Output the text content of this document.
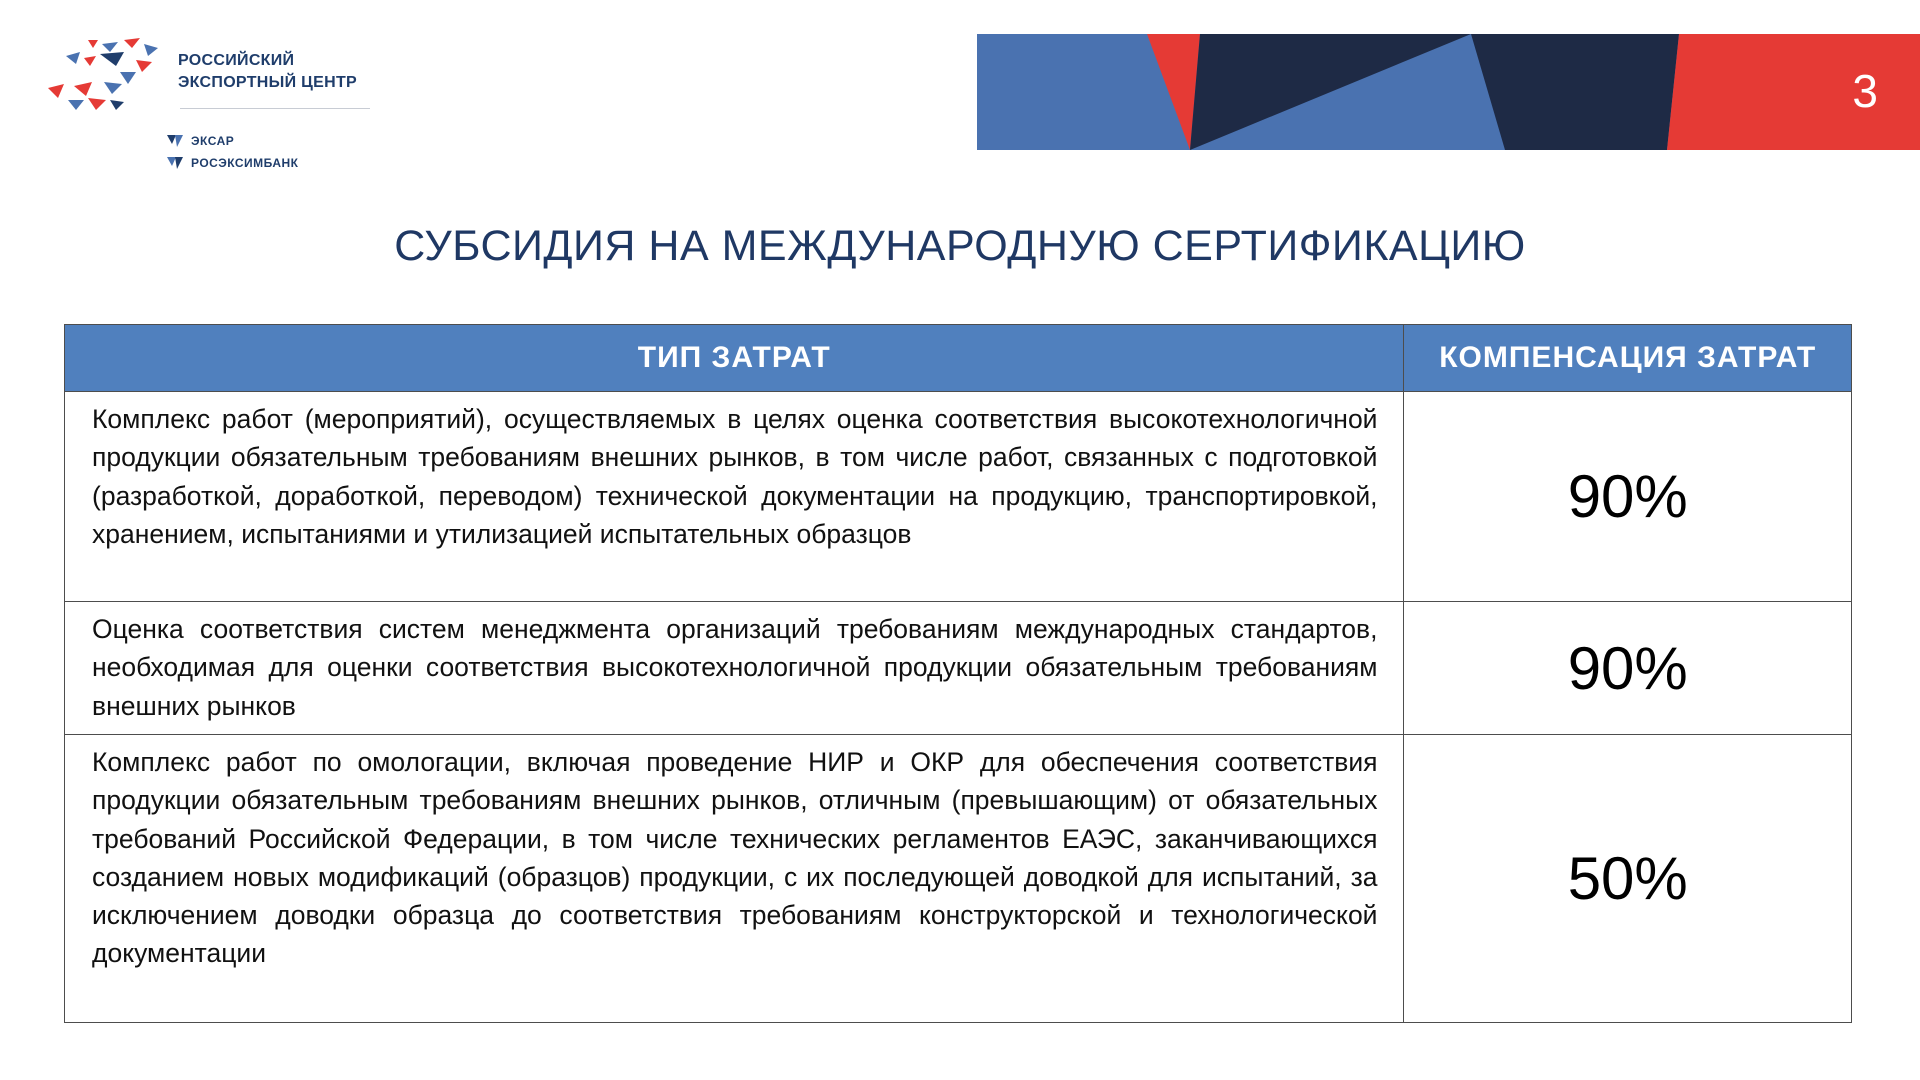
РОССИЙСКИЙ
ЭКСПОРТНЫЙ ЦЕНТР
ЭКСАР
РОСЭКСИМБАНК
3
СУБСИДИЯ НА МЕЖДУНАРОДНУЮ СЕРТИФИКАЦИЮ
ТИП ЗАТРАТ	КОМПЕНСАЦИЯ ЗАТРАТ
Комплекс работ (мероприятий), осуществляемых в целях оценка соответствия высокотехнологичной продукции обязательным требованиям внешних рынков, в том числе работ, связанных с подготовкой (разработкой, доработкой, переводом) технической документации на продукцию, транспортировкой, хранением, испытаниями и утилизацией испытательных образцов	90%
Оценка соответствия систем менеджмента организаций требованиям международных стандартов, необходимая для оценки соответствия высокотехнологичной продукции обязательным требованиям внешних рынков	90%
Комплекс работ по омологации, включая проведение НИР и ОКР для обеспечения соответствия продукции обязательным требованиям внешних рынков, отличным (превышающим) от обязательных требований Российской Федерации, в том числе технических регламентов ЕАЭС, заканчивающихся созданием новых модификаций (образцов) продукции, с их последующей доводкой для испытаний, за исключением доводки образца до соответствия требованиям конструкторской и технологической документации	50%
